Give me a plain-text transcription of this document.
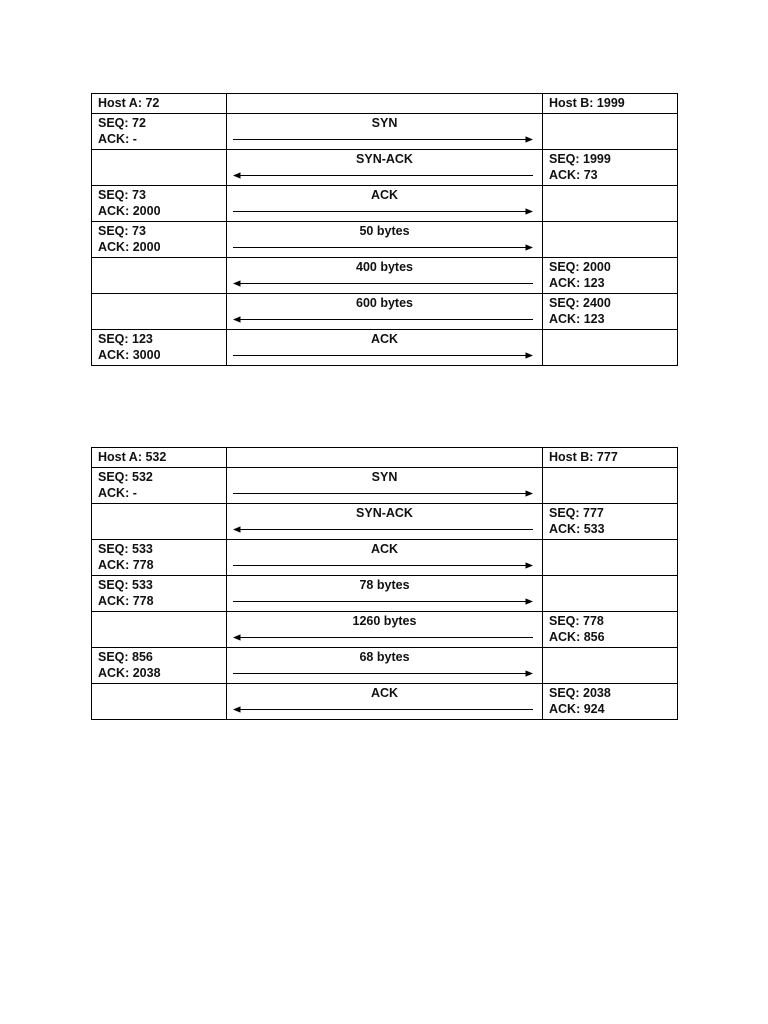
Host A: 72		Host B: 1999

SEQ: 72
ACK: -	SYN	

	SYN-ACK	SEQ: 1999
ACK: 73

SEQ: 73
ACK: 2000	ACK	

SEQ: 73
ACK: 2000	50 bytes	

	400 bytes	SEQ: 2000
ACK: 123

	600 bytes	SEQ: 2400
ACK: 123

SEQ: 123
ACK: 3000	ACK	

Host A: 532		Host B: 777

SEQ: 532
ACK: -	SYN	

	SYN-ACK	SEQ: 777
ACK: 533

SEQ: 533
ACK: 778	ACK	

SEQ: 533
ACK: 778	78 bytes	

	1260 bytes	SEQ: 778
ACK: 856

SEQ: 856
ACK: 2038	68 bytes	

	ACK	SEQ: 2038
ACK: 924
